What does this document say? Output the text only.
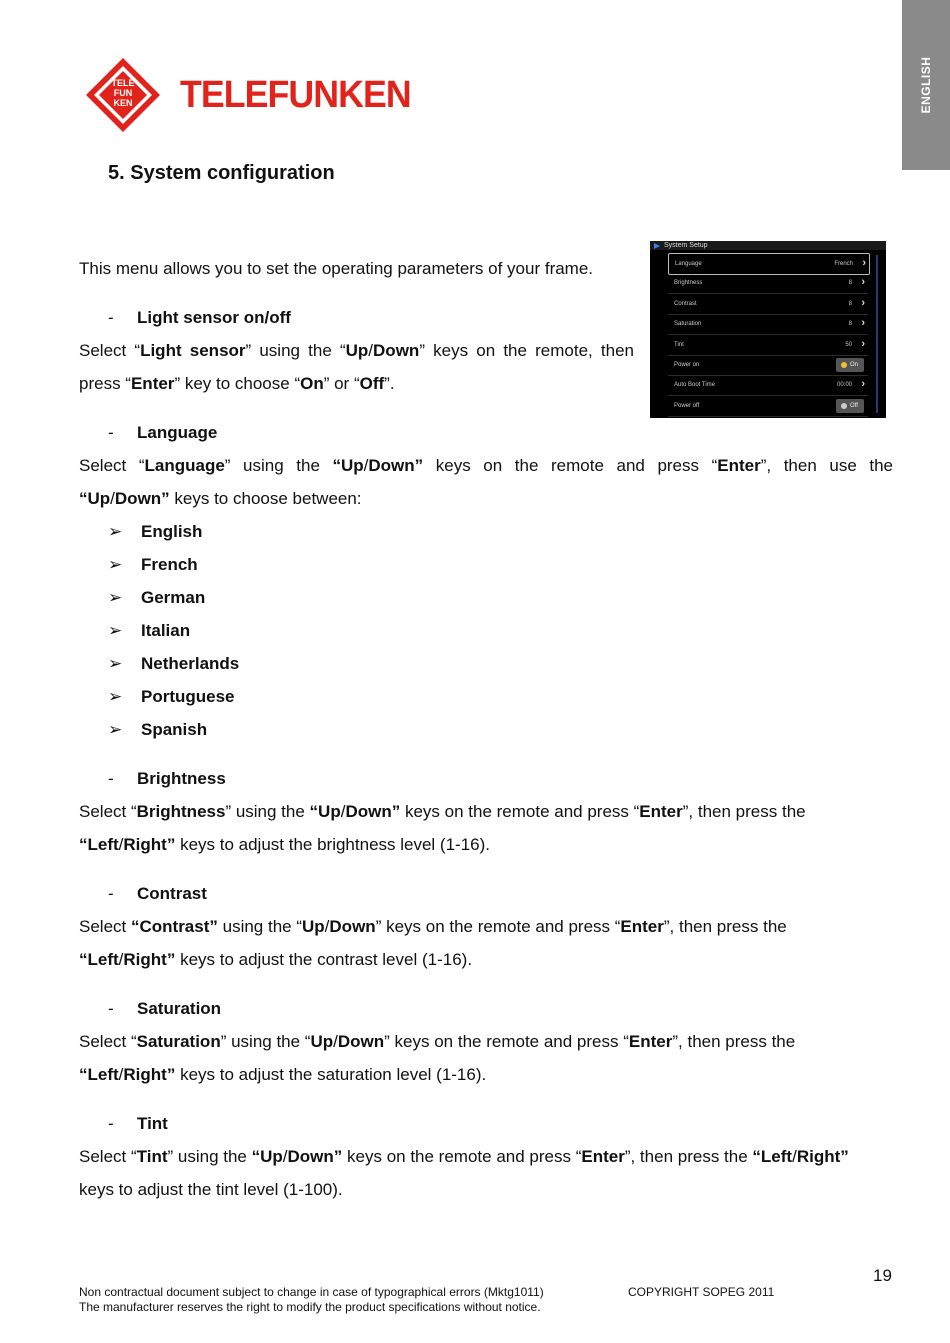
ENGLISH
TELE
FUN
KEN	TELEFUNKEN
5. System configuration
This menu allows you to set the operating parameters of your frame.
System Setup
Language	French ›
Brightness	8 ›
Contrast	8 ›
Saturation	8 ›
Tint	50 ›
Power on	On
Auto Boot Time	00:00 ›
Power off	Off
- Light sensor on/off
Select “Light sensor” using the “Up/Down” keys on the remote, then
press “Enter” key to choose “On” or “Off”.
- Language
Select “Language” using the “Up/Down” keys on the remote and press “Enter”, then use the
“Up/Down” keys to choose between:
➢ English
➢ French
➢ German
➢ Italian
➢ Netherlands
➢ Portuguese
➢ Spanish
- Brightness
Select “Brightness” using the “Up/Down” keys on the remote and press “Enter”, then press the
“Left/Right” keys to adjust the brightness level (1-16).
- Contrast
Select “Contrast” using the “Up/Down” keys on the remote and press “Enter”, then press the
“Left/Right” keys to adjust the contrast level (1-16).
- Saturation
Select “Saturation” using the “Up/Down” keys on the remote and press “Enter”, then press the
“Left/Right” keys to adjust the saturation level (1-16).
- Tint
Select “Tint” using the “Up/Down” keys on the remote and press “Enter”, then press the “Left/Right”
keys to adjust the tint level (1-100).
19
Non contractual document subject to change in case of typographical errors (Mktg1011)
The manufacturer reserves the right to modify the product specifications without notice.
COPYRIGHT SOPEG 2011
